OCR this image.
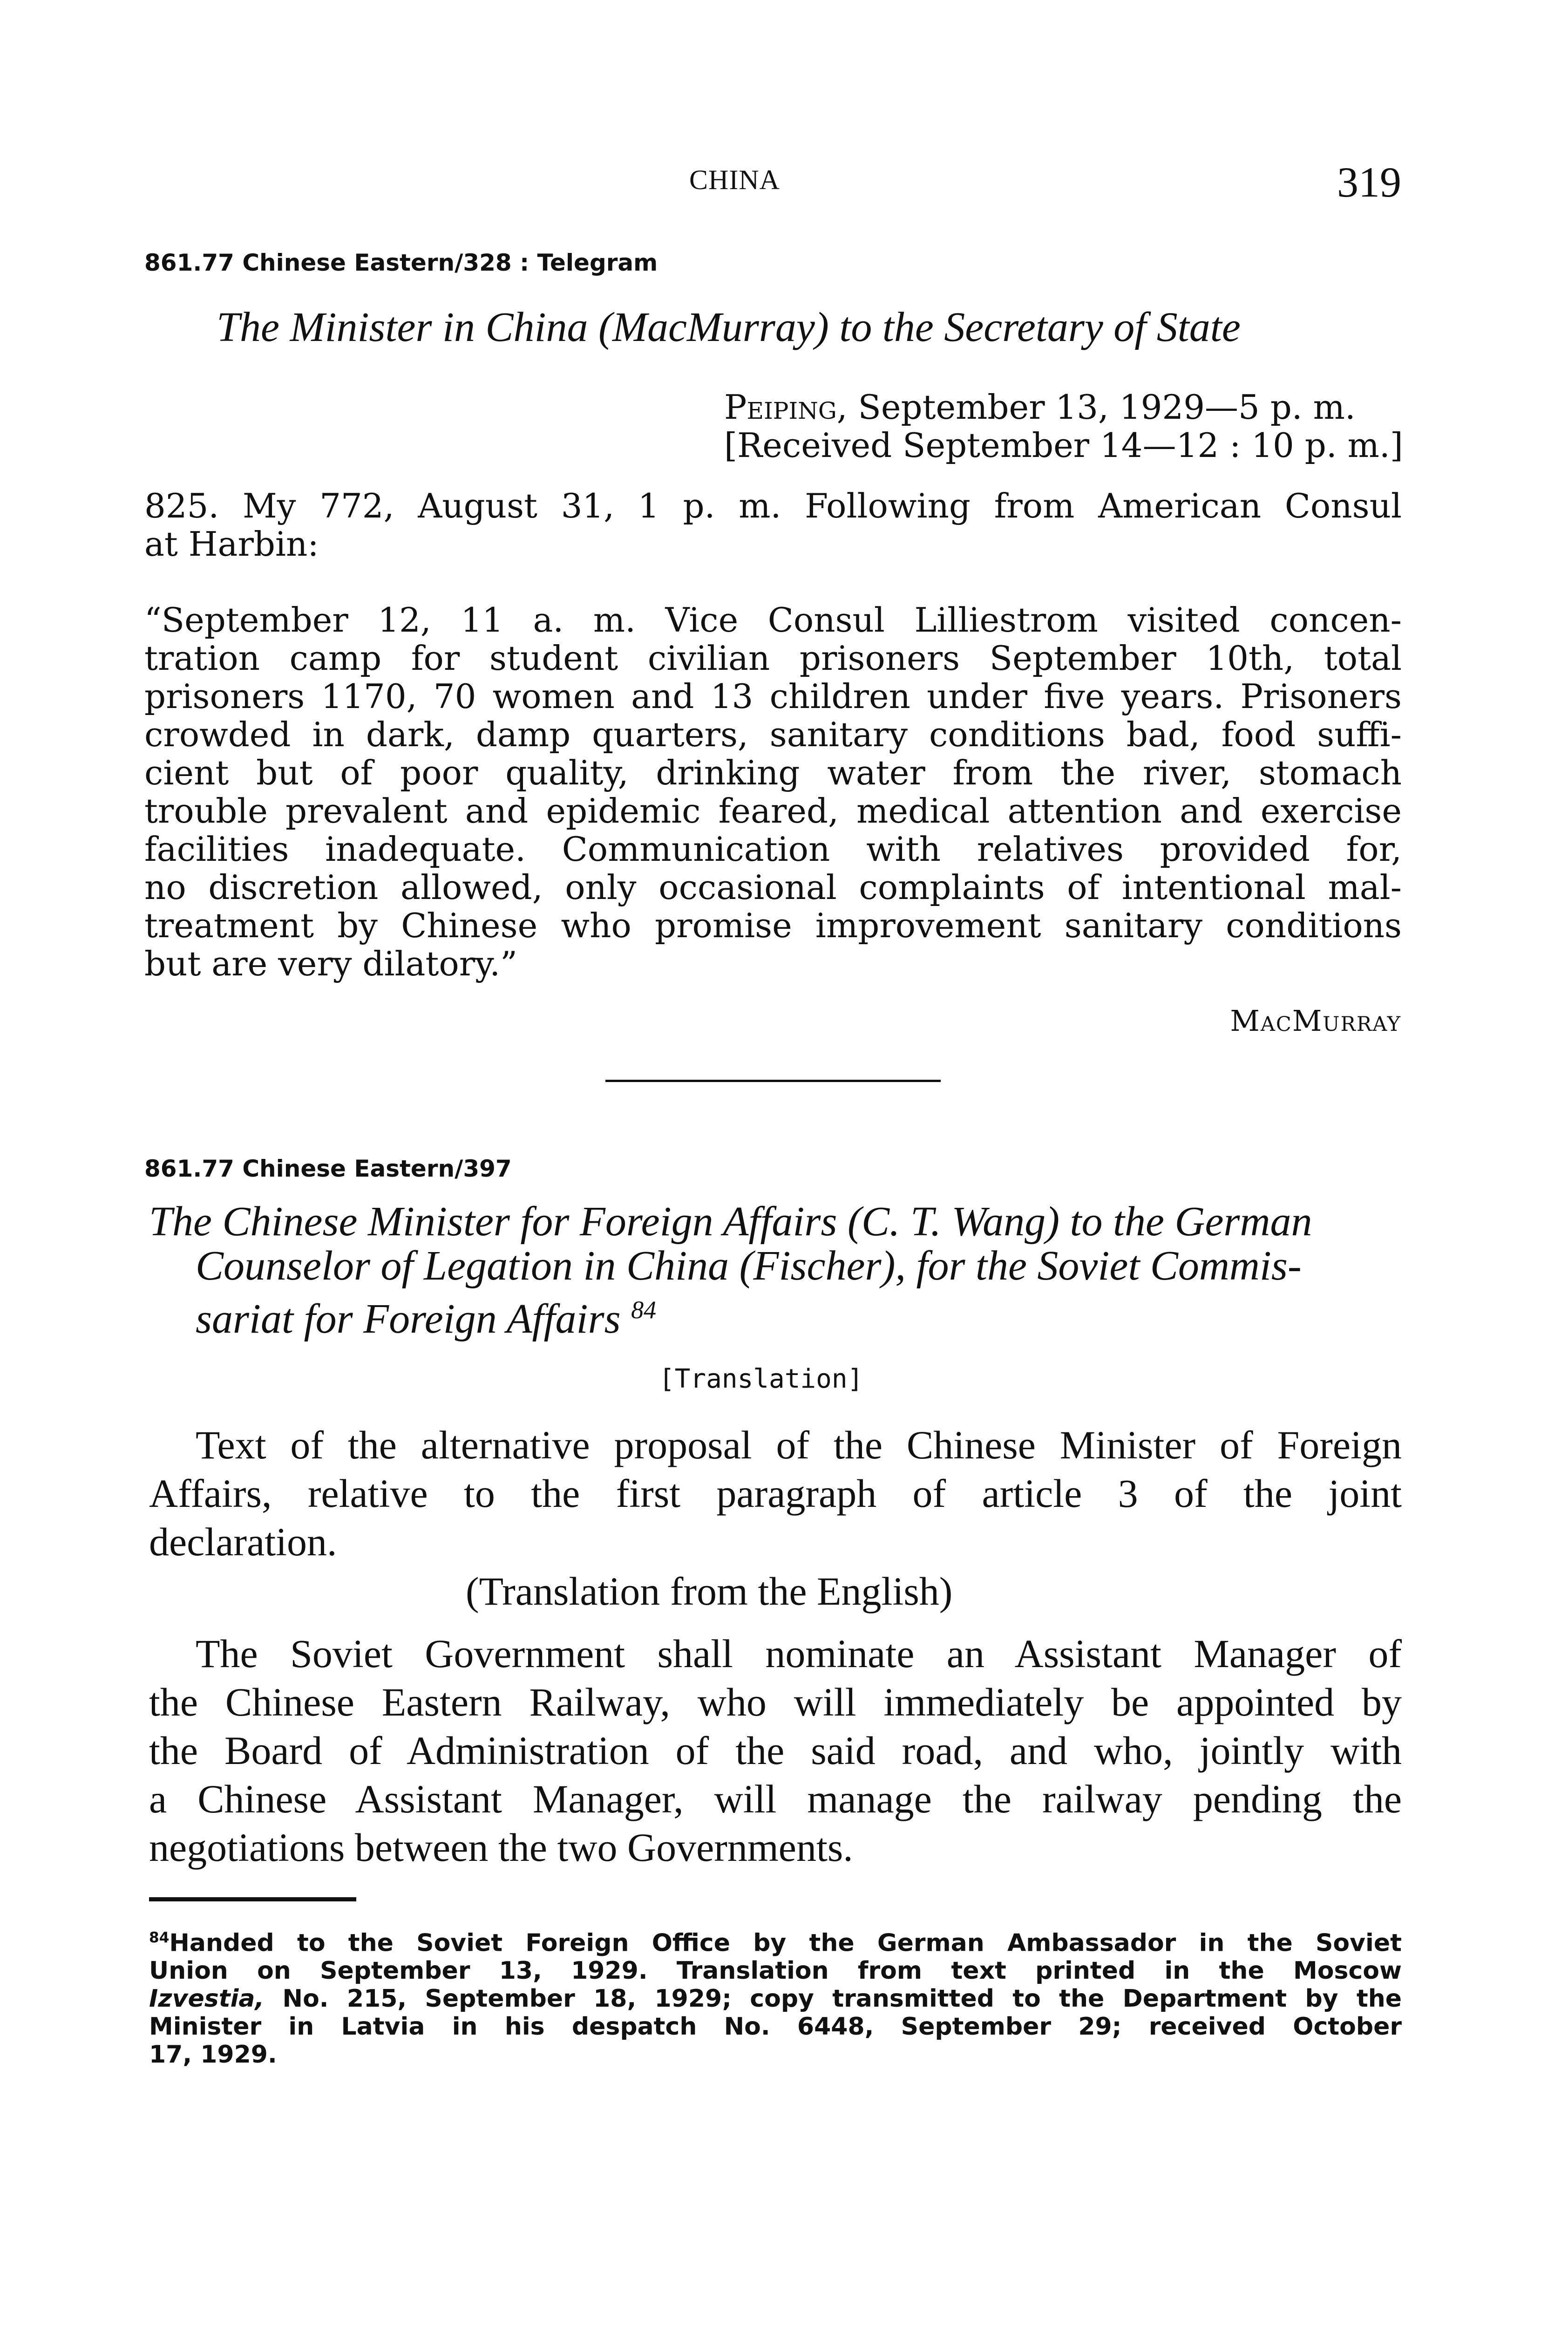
CHINA	319
861.77 Chinese Eastern/328 : Telegram
The Minister in China (MacMurray) to the Secretary of State
Peiping, September 13, 1929—5 p. m.
[Received September 14—12 : 10 p. m.]
825. My 772, August 31, 1 p. m. Following from American Consul
at Harbin:
“September 12, 11 a. m. Vice Consul Lilliestrom visited concen-
tration camp for student civilian prisoners September 10th, total
prisoners 1170, 70 women and 13 children under five years. Prisoners
crowded in dark, damp quarters, sanitary conditions bad, food suffi-
cient but of poor quality, drinking water from the river, stomach
trouble prevalent and epidemic feared, medical attention and exercise
facilities inadequate. Communication with relatives provided for,
no discretion allowed, only occasional complaints of intentional mal-
treatment by Chinese who promise improvement sanitary conditions
but are very dilatory.”
MacMurray
861.77 Chinese Eastern/397
The Chinese Minister for Foreign Affairs (C. T. Wang) to the German
Counselor of Legation in China (Fischer), for the Soviet Commis-
sariat for Foreign Affairs $^{84}$
[Translation]
Text of the alternative proposal of the Chinese Minister of Foreign
Affairs, relative to the first paragraph of article 3 of the joint
declaration.
(Translation from the English)
The Soviet Government shall nominate an Assistant Manager of
the Chinese Eastern Railway, who will immediately be appointed by
the Board of Administration of the said road, and who, jointly with
a Chinese Assistant Manager, will manage the railway pending the
negotiations between the two Governments.
$^{84}$Handed to the Soviet Foreign Office by the German Ambassador in the Soviet
Union on September 13, 1929. Translation from text printed in the Moscow
Izvestia, No. 215, September 18, 1929; copy transmitted to the Department by the
Minister in Latvia in his despatch No. 6448, September 29; received October
17, 1929.
